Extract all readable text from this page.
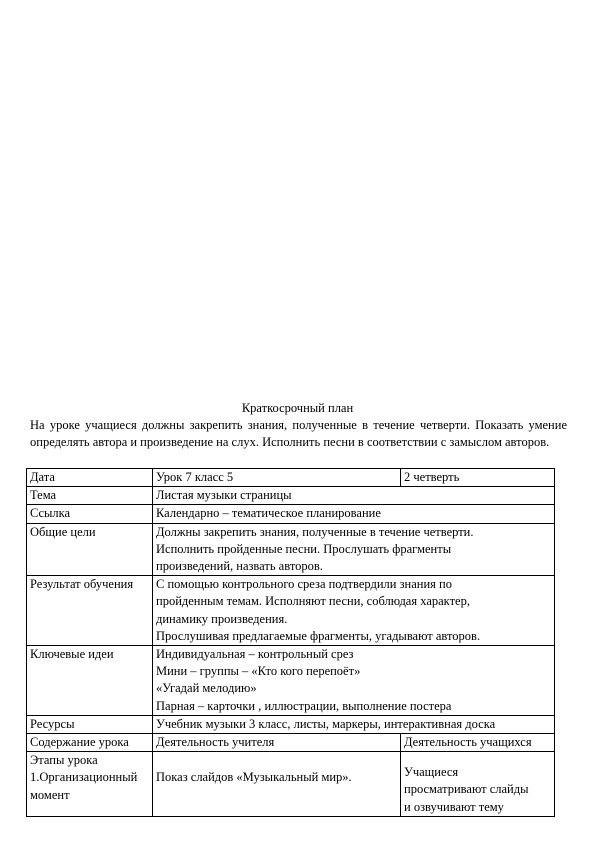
Краткосрочный план

На уроке учащиеся должны закрепить знания, полученные в течение четверти. Показать умение определять автора и произведение на слух. Исполнить песни в соответствии с замыслом авторов.

Дата	Урок 7 класс 5	2 четверть
Тема	Листая музыки страницы	
Ссылка	Календарно – тематическое планирование	
Общие цели	Должны закрепить знания, полученные в течение четверти.
Исполнить пройденные песни. Прослушать фрагменты
произведений, назвать авторов.	

Результат обучения	С помощью контрольного среза подтвердили знания по
пройденным темам. Исполняют песни, соблюдая характер,
динамику произведения.
Прослушивая предлагаемые фрагменты, угадывают авторов.	

Ключевые идеи	Индивидуальная – контрольный срез
Мини – группы – «Кто кого перепоёт»
«Угадай мелодию»
Парная – карточки , иллюстрации, выполнение постера	

Ресурсы	Учебник музыки 3 класс, листы, маркеры, интерактивная доска	
Содержание урока	Деятельность учителя	Деятельность учащихся

Этапы урока
1.Организационный
момент	Показ слайдов «Музыкальный мир».	Учащиеся
просматривают слайды
и озвучивают тему
